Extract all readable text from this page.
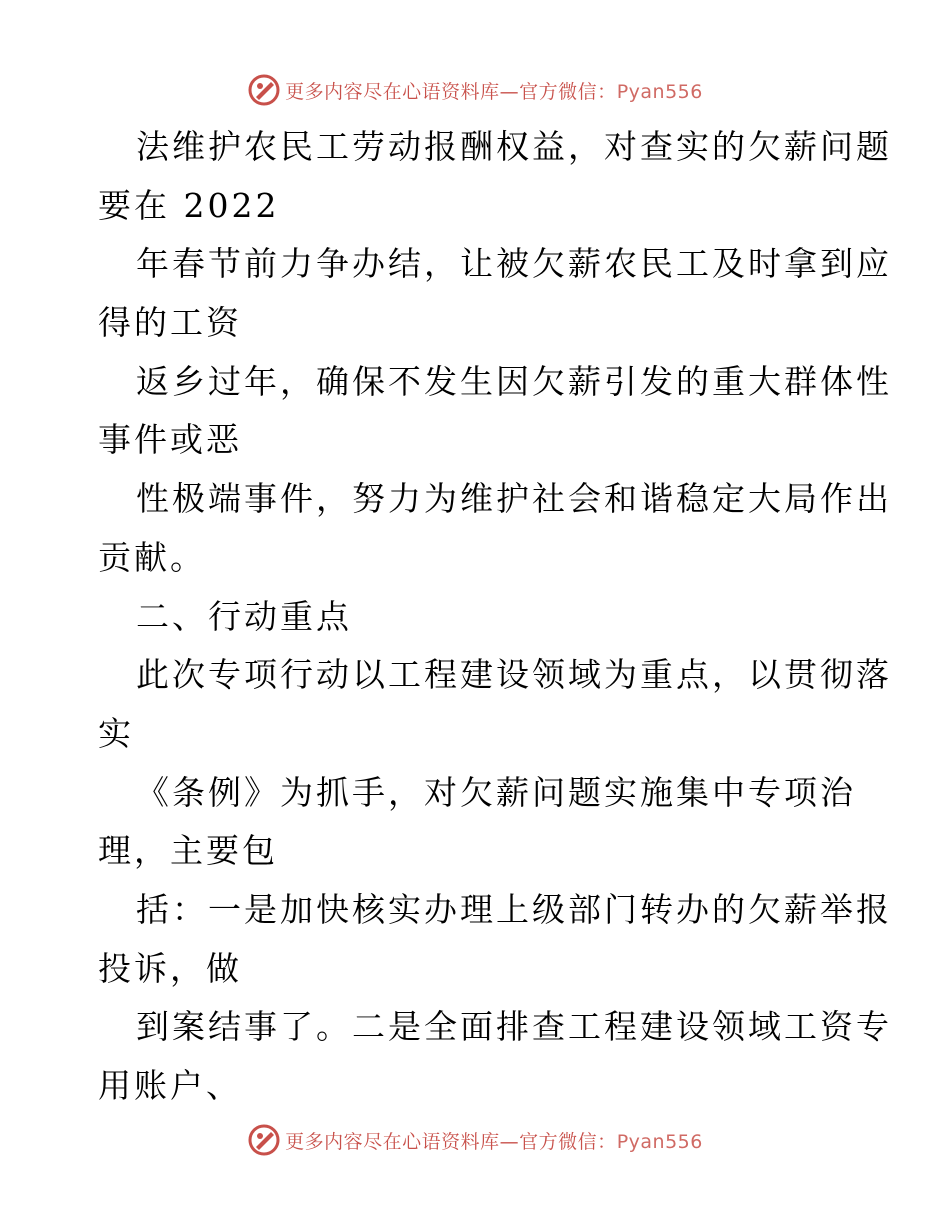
更多内容尽在心语资料库—官方微信：Pyan556
法维护农民工劳动报酬权益，对查实的欠薪问题
要在 2022
年春节前力争办结，让被欠薪农民工及时拿到应
得的工资
返乡过年，确保不发生因欠薪引发的重大群体性
事件或恶
性极端事件，努力为维护社会和谐稳定大局作出
贡献。
二、行动重点
此次专项行动以工程建设领域为重点，以贯彻落
实
《条例》为抓手，对欠薪问题实施集中专项治
理，主要包
括：一是加快核实办理上级部门转办的欠薪举报
投诉，做
到案结事了。二是全面排查工程建设领域工资专
用账户、
更多内容尽在心语资料库—官方微信：Pyan556
